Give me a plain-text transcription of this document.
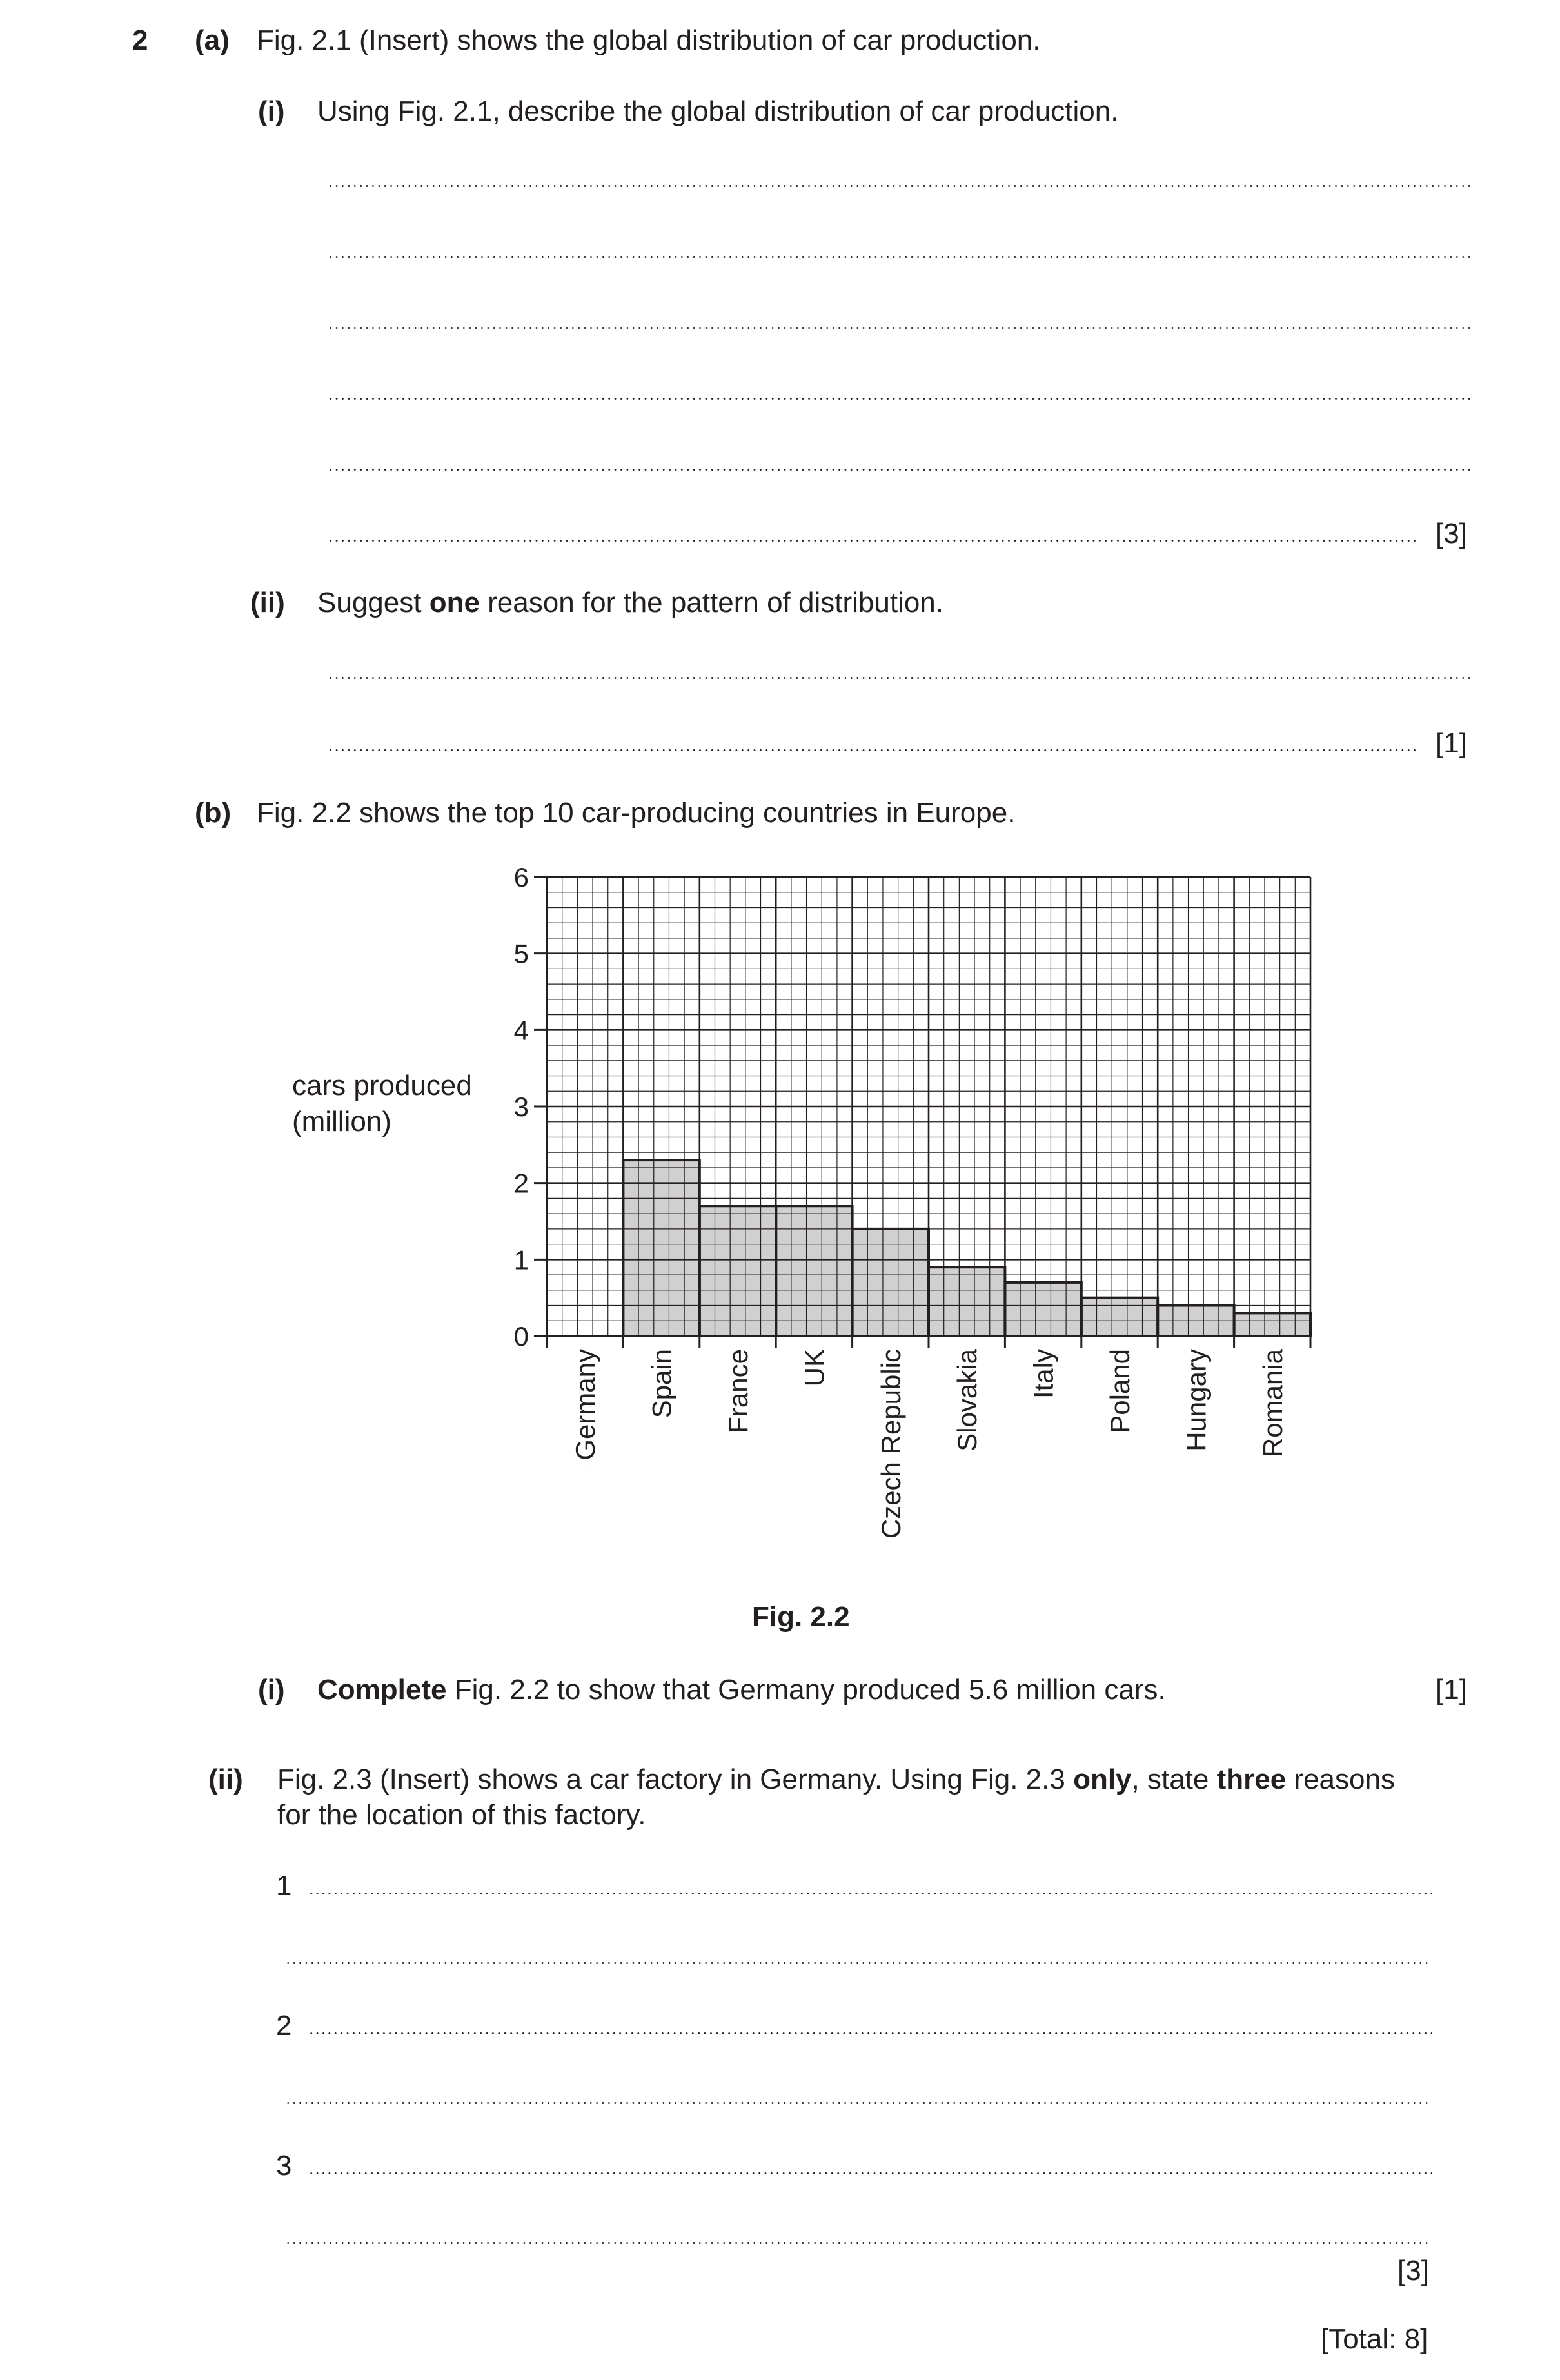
2 (a) Fig. 2.1 (Insert) shows the global distribution of car production.
(i) Using Fig. 2.1, describe the global distribution of car production.
[3]
(ii) Suggest one reason for the pattern of distribution.
[1]
(b) Fig. 2.2 shows the top 10 car-producing countries in Europe.
0
1
2
3
4
5
6
Germany Spain France UK Czech Republic Slovakia Italy Poland Hungary Romania
cars produced
(million)
Fig. 2.2
(i) Complete Fig. 2.2 to show that Germany produced 5.6 million cars.	[1]
(ii) Fig. 2.3 (Insert) shows a car factory in Germany. Using Fig. 2.3 only, state three reasons
for the location of this factory.
1
2
3
[3]
[Total: 8]
